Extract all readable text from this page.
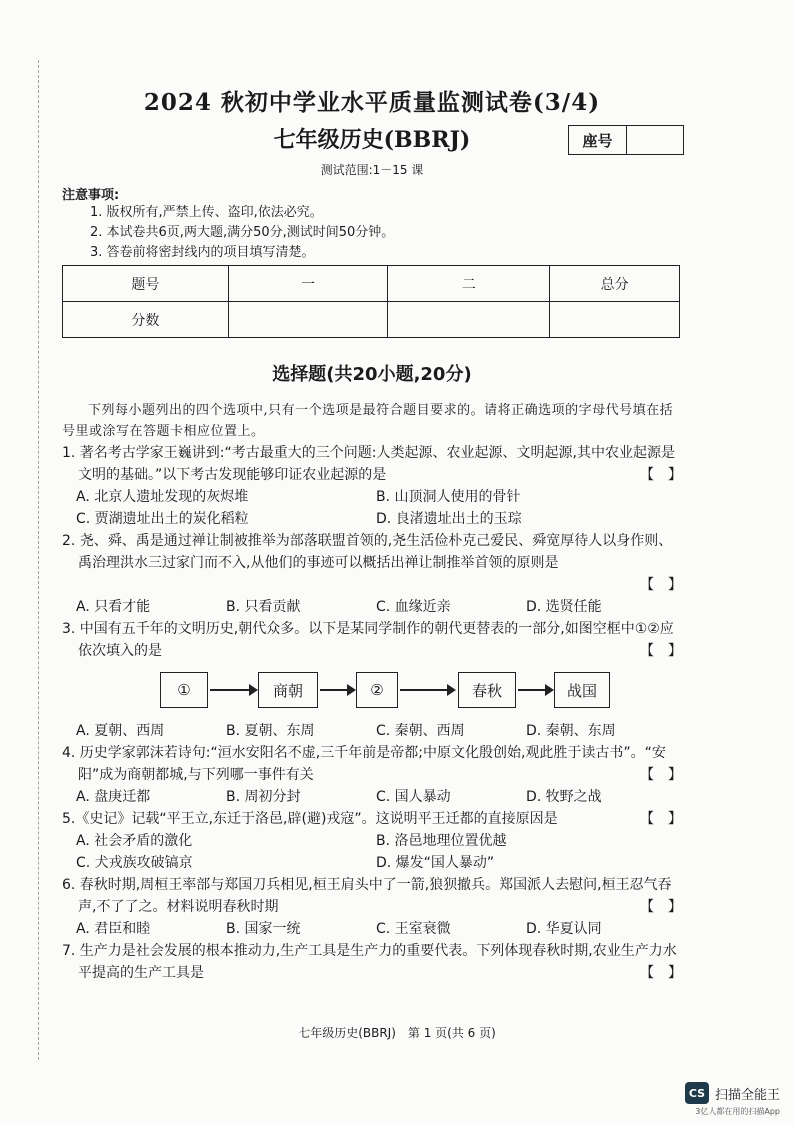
2024 秋初中学业水平质量监测试卷(3/4)
七年级历史(BBRJ)	座号
测试范围:1－15 课
注意事项:
1. 版权所有,严禁上传、盗印,依法必究。
2. 本试卷共6页,两大题,满分50分,测试时间50分钟。
3. 答卷前将密封线内的项目填写清楚。
题号	一	二	总分
分数			
选择题(共20小题,20分)
下列每小题列出的四个选项中,只有一个选项是最符合题目要求的。请将正确选项的字母代号填在括号里或涂写在答题卡相应位置上。
1. 著名考古学家王巍讲到:“考古最重大的三个问题:人类起源、农业起源、文明起源,其中农业起源是文明的基础。”以下考古发现能够印证农业起源的是	【　】
A. 北京人遗址发现的灰烬堆	B. 山顶洞人使用的骨针
C. 贾湖遗址出土的炭化稻粒	D. 良渚遗址出土的玉琮
2. 尧、舜、禹是通过禅让制被推举为部落联盟首领的,尧生活俭朴克己爱民、舜宽厚待人以身作则、禹治理洪水三过家门而不入,从他们的事迹可以概括出禅让制推举首领的原则是
【　】
A. 只看才能	B. 只看贡献	C. 血缘近亲	D. 选贤任能
3. 中国有五千年的文明历史,朝代众多。以下是某同学制作的朝代更替表的一部分,如图空框中①②应依次填入的是	【　】
①	商朝	②	春秋	战国
A. 夏朝、西周	B. 夏朝、东周	C. 秦朝、西周	D. 秦朝、东周
4. 历史学家郭沫若诗句:“洹水安阳名不虚,三千年前是帝都;中原文化殷创始,观此胜于读古书”。“安阳”成为商朝都城,与下列哪一事件有关	【　】
A. 盘庚迁都	B. 周初分封	C. 国人暴动	D. 牧野之战
5.《史记》记载“平王立,东迁于洛邑,辟(避)戎寇”。这说明平王迁都的直接原因是	【　】
A. 社会矛盾的激化	B. 洛邑地理位置优越
C. 犬戎族攻破镐京	D. 爆发“国人暴动”
6. 春秋时期,周桓王率部与郑国刀兵相见,桓王肩头中了一箭,狼狈撤兵。郑国派人去慰问,桓王忍气吞声,不了了之。材料说明春秋时期	【　】
A. 君臣和睦	B. 国家一统	C. 王室衰微	D. 华夏认同
7. 生产力是社会发展的根本推动力,生产工具是生产力的重要代表。下列体现春秋时期,农业生产力水平提高的生产工具是	【　】
七年级历史(BBRJ)　第 1 页(共 6 页)
CS 扫描全能王
3亿人都在用的扫描App
